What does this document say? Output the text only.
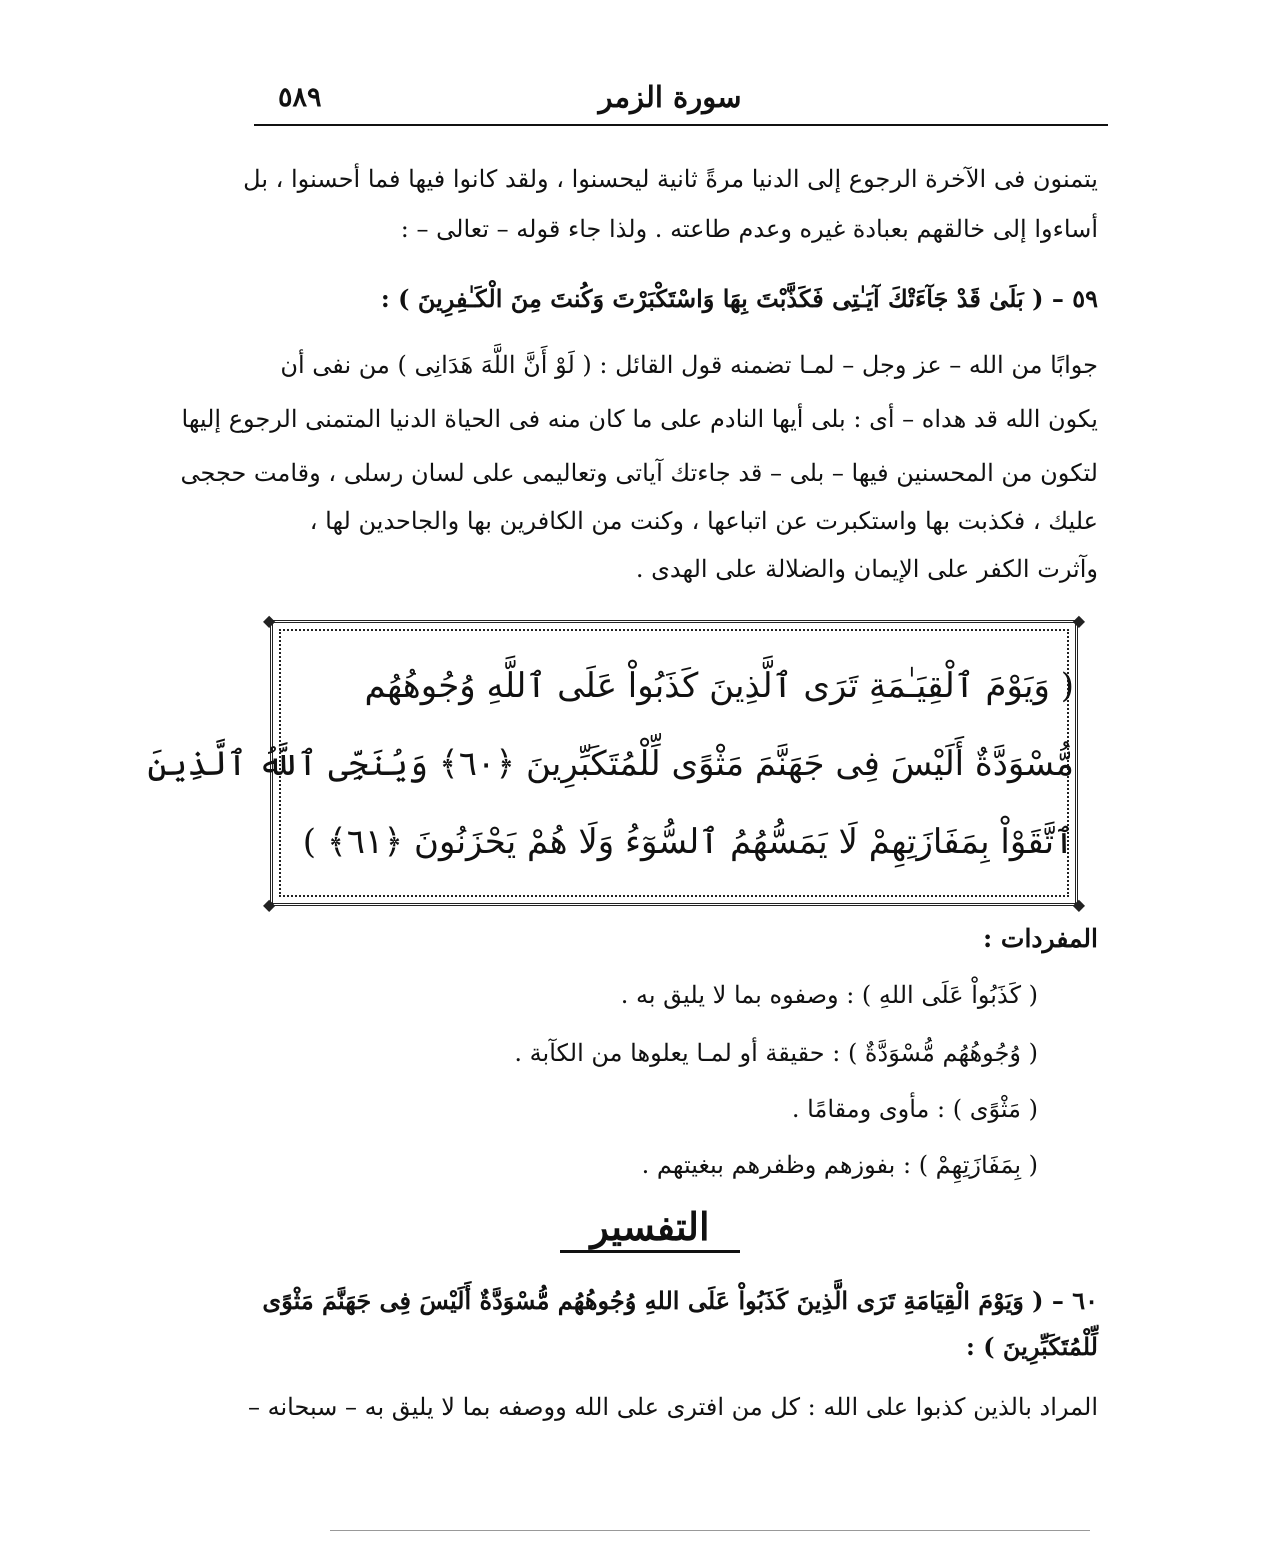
سورة الزمر
٥٨٩
يتمنون فى الآخرة الرجوع إلى الدنيا مرةً ثانية ليحسنوا ، ولقد كانوا فيها فما أحسنوا ، بل
أساءوا إلى خالقهم بعبادة غيره وعدم طاعته . ولذا جاء قوله – تعالى – :
٥٩ – ( بَلَىٰ قَدْ جَآءَتْكَ آيَـٰتِى فَكَذَّبْتَ بِهَا وَاسْتَكْبَرْتَ وَكُنتَ مِنَ الْكَـٰفِرِينَ ) :
جوابًا من الله – عز وجل – لمـا تضمنه قول القائل : ( لَوْ أَنَّ اللَّهَ هَدَانِى ) من نفى أن
يكون الله قد هداه – أى : بلى أيها النادم على ما كان منه فى الحياة الدنيا المتمنى الرجوع إليها
لتكون من المحسنين فيها – بلى – قد جاءتك آياتى وتعاليمى على لسان رسلى ، وقامت حججى
عليك ، فكذبت بها واستكبرت عن اتباعها ، وكنت من الكافرين بها والجاحدين لها ،
وآثرت الكفر على الإيمان والضلالة على الهدى .
◆	◆
◆	◆
( وَيَوْمَ ٱلْقِيَـٰمَةِ تَرَى ٱلَّذِينَ كَذَبُواْ عَلَى ٱللَّهِ وُجُوهُهُم
مُّسْوَدَّةٌ أَلَيْسَ فِى جَهَنَّمَ مَثْوًى لِّلْمُتَكَبِّرِينَ ﴿٦٠﴾ وَيُنَجِّى ٱللَّهُ ٱلَّذِينَ
ٱتَّقَوْاْ بِمَفَازَتِهِمْ لَا يَمَسُّهُمُ ٱلسُّوٓءُ وَلَا هُمْ يَحْزَنُونَ ﴿٦١﴾ )
المفردات :
( كَذَبُواْ عَلَى اللهِ ) : وصفوه بما لا يليق به .
( وُجُوهُهُم مُّسْوَدَّةٌ ) : حقيقة أو لمـا يعلوها من الكآبة .
( مَثْوًى ) : مأوى ومقامًا .
( بِمَفَازَتِهِمْ ) : بفوزهم وظفرهم ببغيتهم .
التفسير
٦٠ – ( وَيَوْمَ الْقِيَامَةِ تَرَى الَّذِينَ كَذَبُواْ عَلَى اللهِ وُجُوهُهُم مُّسْوَدَّةٌ أَلَيْسَ فِى جَهَنَّمَ مَثْوًى
لِّلْمُتَكَبِّرِينَ ) :
المراد بالذين كذبوا على الله : كل من افترى على الله ووصفه بما لا يليق به – سبحانه –
